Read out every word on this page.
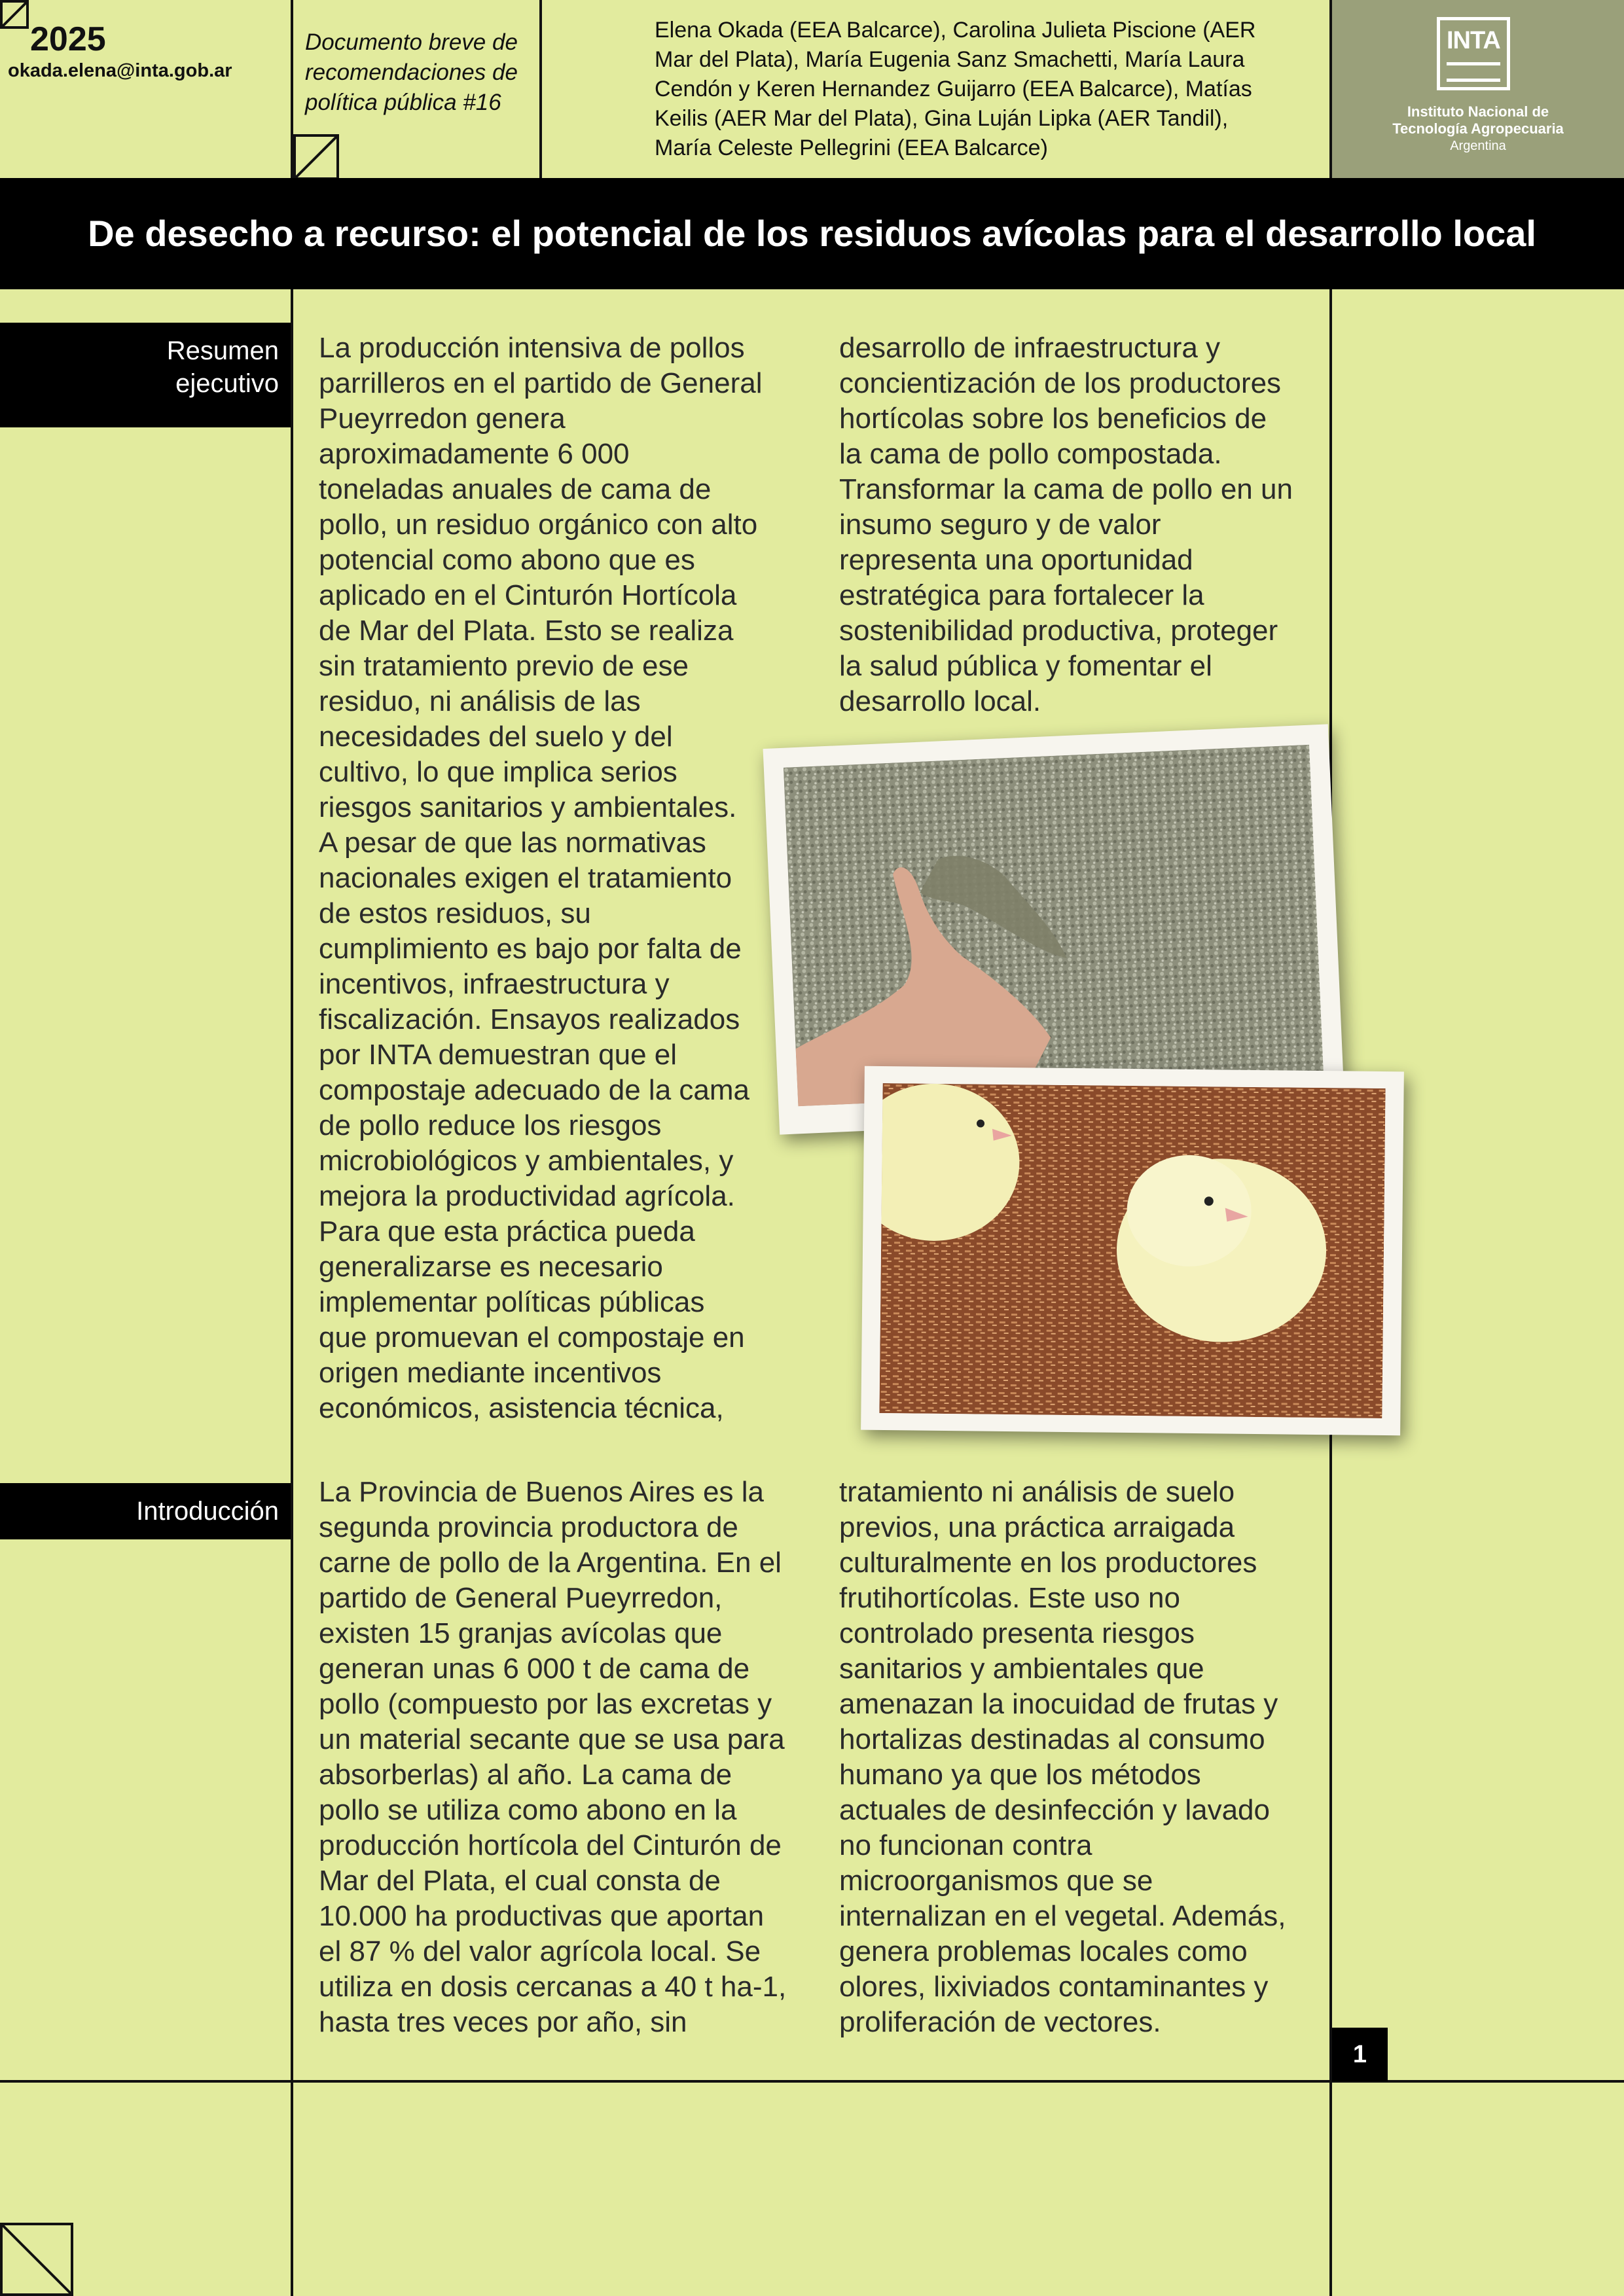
2025
okada.elena@inta.gob.ar
Documento breve de
recomendaciones de
política pública #16
Elena Okada (EEA Balcarce), Carolina Julieta Piscione (AER
Mar del Plata), María Eugenia Sanz Smachetti, María Laura
Cendón y Keren Hernandez Guijarro (EEA Balcarce), Matías
Keilis (AER Mar del Plata), Gina Luján Lipka (AER Tandil),
María Celeste Pellegrini (EEA Balcarce)
INTA
Instituto Nacional de
Tecnología Agropecuaria
Argentina
De desecho a recurso: el potencial de los residuos avícolas para el desarrollo local
Resumen
ejecutivo
La producción intensiva de pollos
parrilleros en el partido de General
Pueyrredon genera
aproximadamente 6 000
toneladas anuales de cama de
pollo, un residuo orgánico con alto
potencial como abono que es
aplicado en el Cinturón Hortícola
de Mar del Plata. Esto se realiza
sin tratamiento previo de ese
residuo, ni análisis de las
necesidades del suelo y del
cultivo, lo que implica serios
riesgos sanitarios y ambientales.
A pesar de que las normativas
nacionales exigen el tratamiento
de estos residuos, su
cumplimiento es bajo por falta de
incentivos, infraestructura y
fiscalización. Ensayos realizados
por INTA demuestran que el
compostaje adecuado de la cama
de pollo reduce los riesgos
microbiológicos y ambientales, y
mejora la productividad agrícola.
Para que esta práctica pueda
generalizarse es necesario
implementar políticas públicas
que promuevan el compostaje en
origen mediante incentivos
económicos, asistencia técnica,
desarrollo de infraestructura y
concientización de los productores
hortícolas sobre los beneficios de
la cama de pollo compostada.
Transformar la cama de pollo en un
insumo seguro y de valor
representa una oportunidad
estratégica para fortalecer la
sostenibilidad productiva, proteger
la salud pública y fomentar el
desarrollo local.
Introducción
La Provincia de Buenos Aires es la
segunda provincia productora de
carne de pollo de la Argentina. En el
partido de General Pueyrredon,
existen 15 granjas avícolas que
generan unas 6 000 t de cama de
pollo (compuesto por las excretas y
un material secante que se usa para
absorberlas) al año. La cama de
pollo se utiliza como abono en la
producción hortícola del Cinturón de
Mar del Plata, el cual consta de
10.000 ha productivas que aportan
el 87 % del valor agrícola local. Se
utiliza en dosis cercanas a 40 t ha-1,
hasta tres veces por año, sin
tratamiento ni análisis de suelo
previos, una práctica arraigada
culturalmente en los productores
frutihortícolas. Este uso no
controlado presenta riesgos
sanitarios y ambientales que
amenazan la inocuidad de frutas y
hortalizas destinadas al consumo
humano ya que los métodos
actuales de desinfección y lavado
no funcionan contra
microorganismos que se
internalizan en el vegetal. Además,
genera problemas locales como
olores, lixiviados contaminantes y
proliferación de vectores.
1
